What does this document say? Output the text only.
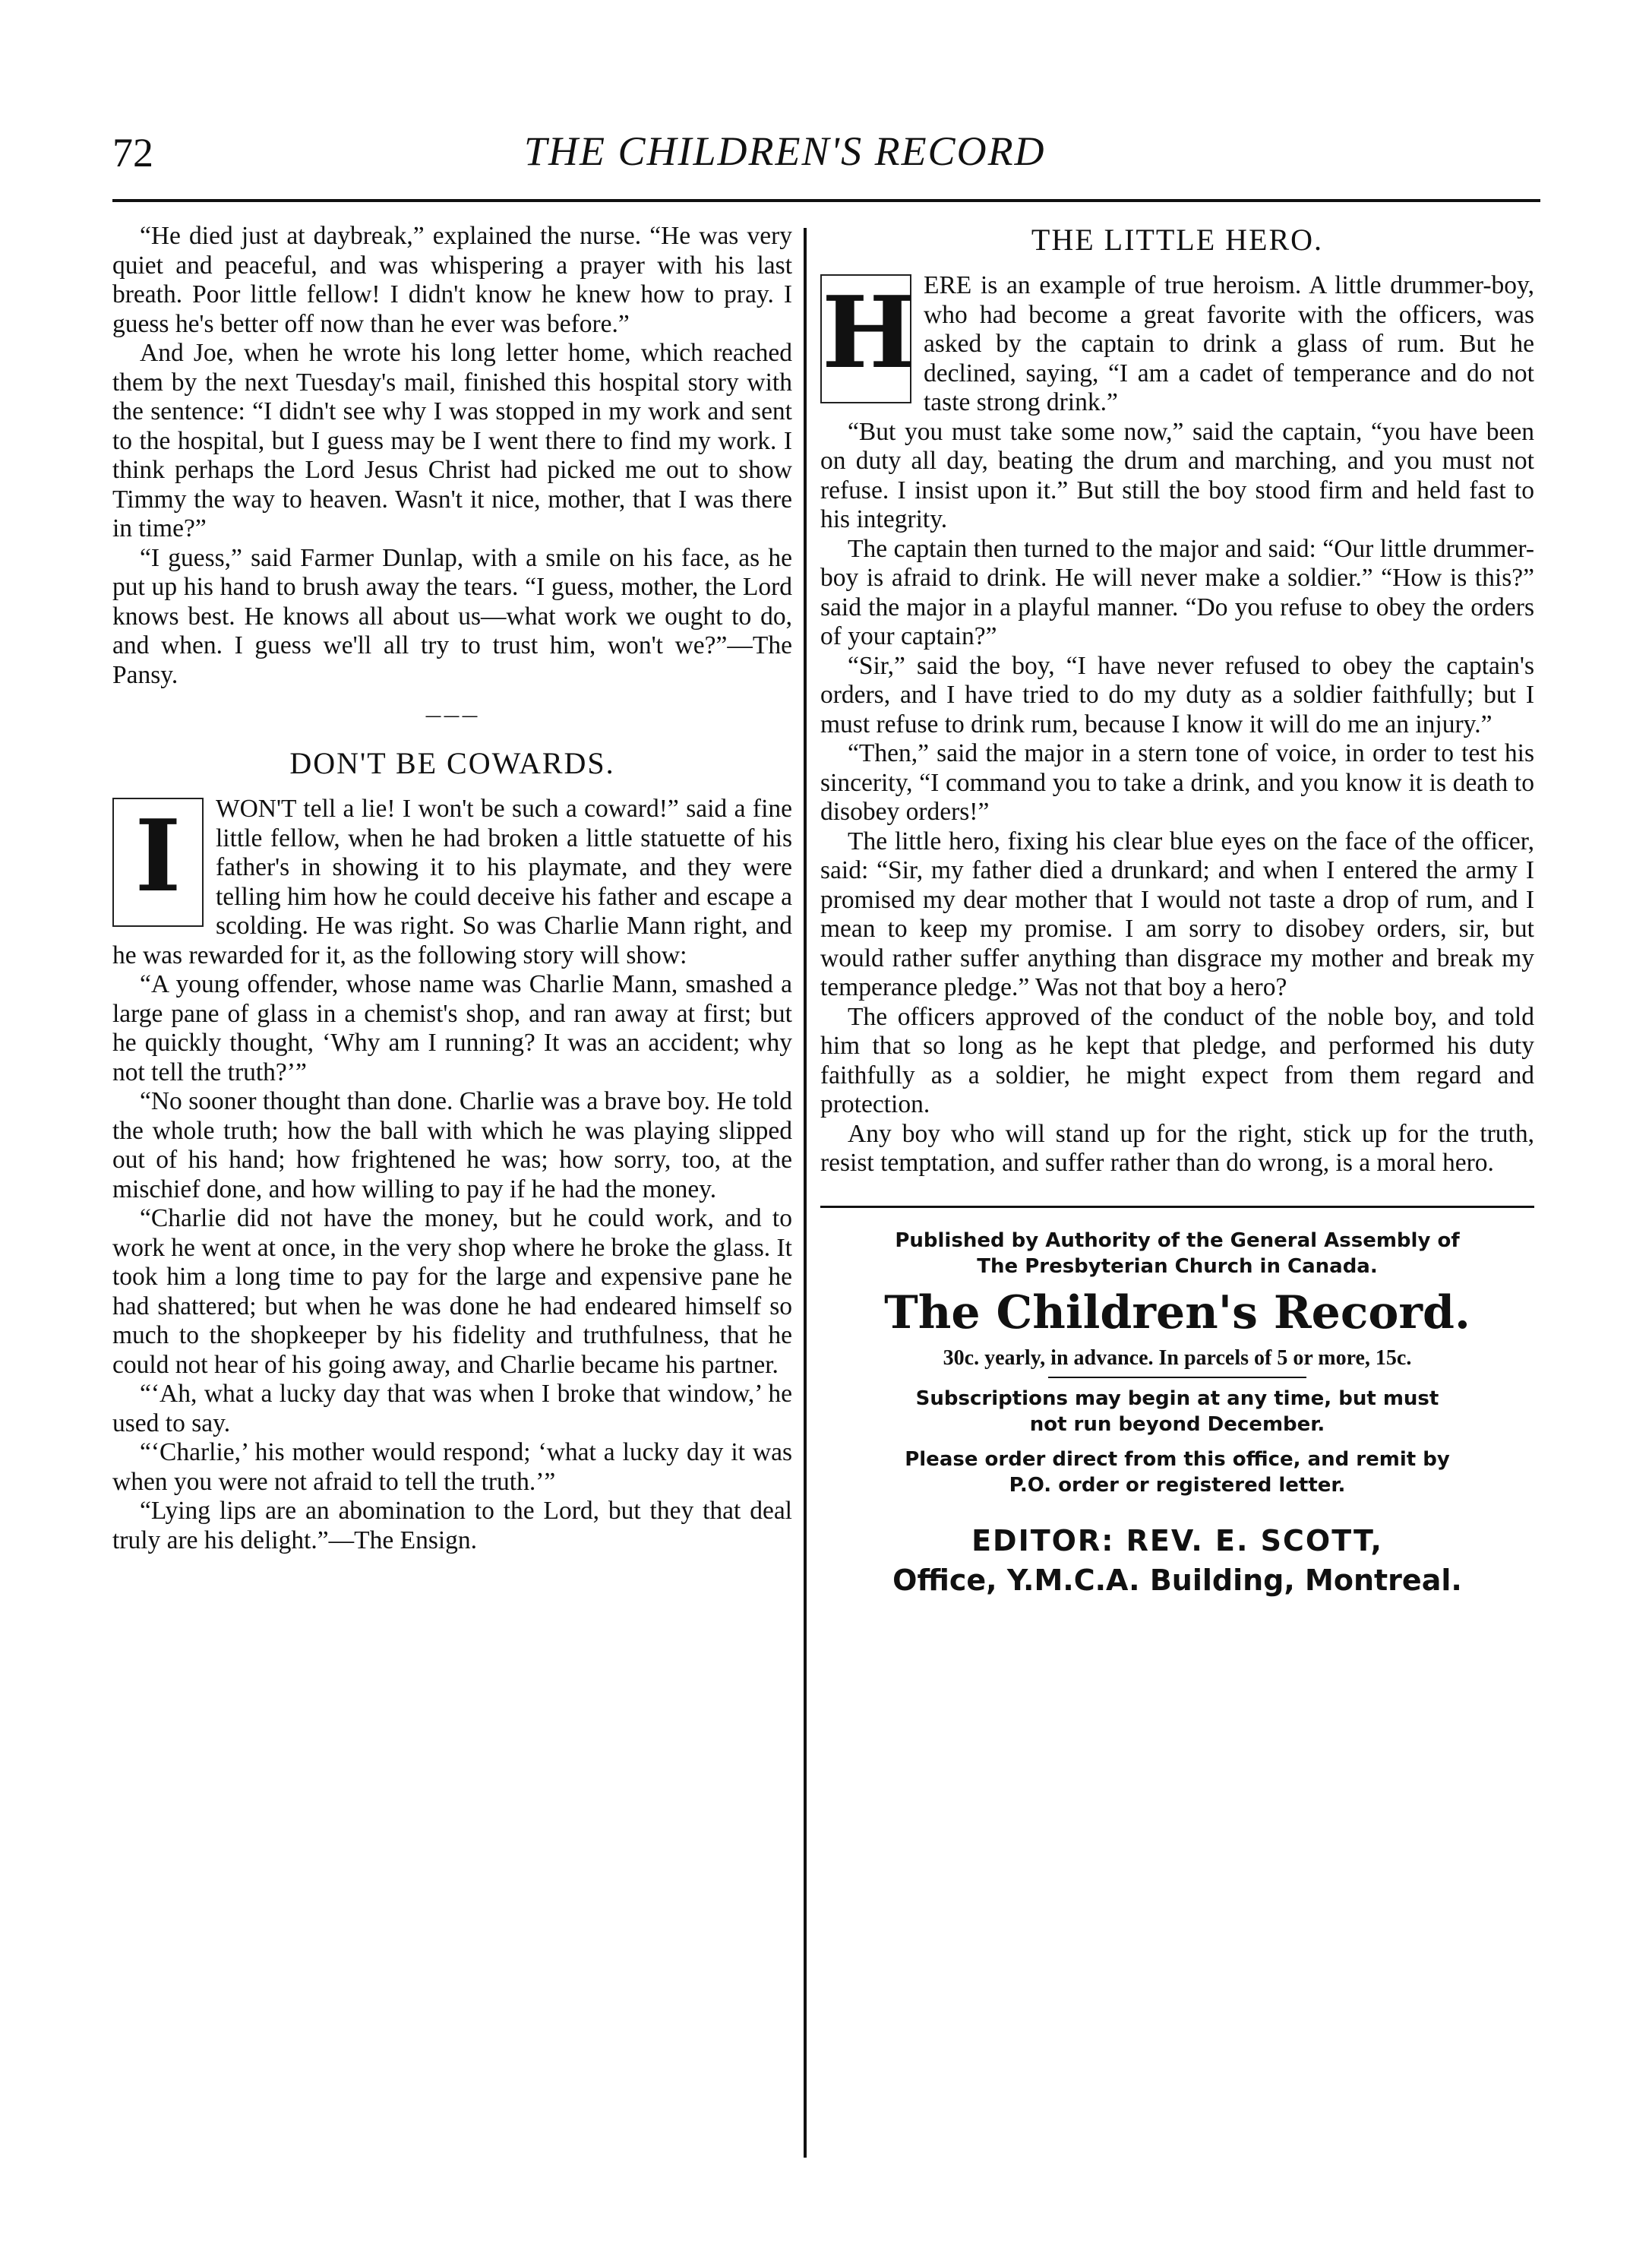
72	THE CHILDREN'S RECORD

“He died just at daybreak,” explained the nurse. “He was very quiet and peaceful, and was whispering a prayer with his last breath. Poor little fellow! I didn't know he knew how to pray. I guess he's better off now than he ever was before.”

And Joe, when he wrote his long letter home, which reached them by the next Tuesday's mail, finished this hospital story with the sentence: “I didn't see why I was stopped in my work and sent to the hospital, but I guess may be I went there to find my work. I think perhaps the Lord Jesus Christ had picked me out to show Timmy the way to heaven. Wasn't it nice, mother, that I was there in time?”

“I guess,” said Farmer Dunlap, with a smile on his face, as he put up his hand to brush away the tears. “I guess, mother, the Lord knows best. He knows all about us—what work we ought to do, and when. I guess we'll all try to trust him, won't we?”—The Pansy.

———
DON'T BE COWARDS.
I	WON'T tell a lie! I won't be such a coward!” said a fine little fellow, when he had broken a little statuette of his father's in showing it to his playmate, and they were telling him how he could deceive his father and escape a scolding. He was right. So was Charlie Mann right, and he was rewarded for it, as the following story will show:

“A young offender, whose name was Charlie Mann, smashed a large pane of glass in a chemist's shop, and ran away at first; but he quickly thought, ‘Why am I running? It was an accident; why not tell the truth?’”

“No sooner thought than done. Charlie was a brave boy. He told the whole truth; how the ball with which he was playing slipped out of his hand; how frightened he was; how sorry, too, at the mischief done, and how willing to pay if he had the money.

“Charlie did not have the money, but he could work, and to work he went at once, in the very shop where he broke the glass. It took him a long time to pay for the large and expensive pane he had shattered; but when he was done he had endeared himself so much to the shopkeeper by his fidelity and truthfulness, that he could not hear of his going away, and Charlie became his partner.

“‘Ah, what a lucky day that was when I broke that window,’ he used to say.

“‘Charlie,’ his mother would respond; ‘what a lucky day it was when you were not afraid to tell the truth.’”

“Lying lips are an abomination to the Lord, but they that deal truly are his delight.”—The Ensign.

THE LITTLE HERO.
H ERE is an example of true heroism. A little drummer-boy, who had become a great favorite with the officers, was asked by the captain to drink a glass of rum. But he declined, saying, “I am a cadet of temperance and do not taste strong drink.”

“But you must take some now,” said the captain, “you have been on duty all day, beating the drum and marching, and you must not refuse. I insist upon it.” But still the boy stood firm and held fast to his integrity.

The captain then turned to the major and said: “Our little drummer-boy is afraid to drink. He will never make a soldier.” “How is this?” said the major in a playful manner. “Do you refuse to obey the orders of your captain?”

“Sir,” said the boy, “I have never refused to obey the captain's orders, and I have tried to do my duty as a soldier faithfully; but I must refuse to drink rum, because I know it will do me an injury.”

“Then,” said the major in a stern tone of voice, in order to test his sincerity, “I command you to take a drink, and you know it is death to disobey orders!”

The little hero, fixing his clear blue eyes on the face of the officer, said: “Sir, my father died a drunkard; and when I entered the army I promised my dear mother that I would not taste a drop of rum, and I mean to keep my promise. I am sorry to disobey orders, sir, but would rather suffer anything than disgrace my mother and break my temperance pledge.” Was not that boy a hero?

The officers approved of the conduct of the noble boy, and told him that so long as he kept that pledge, and performed his duty faithfully as a soldier, he might expect from them regard and protection.

Any boy who will stand up for the right, stick up for the truth, resist temptation, and suffer rather than do wrong, is a moral hero.

Published by Authority of the General Assembly of
The Presbyterian Church in Canada.
The Children's Record.
30c. yearly, in advance. In parcels of 5 or more, 15c.
Subscriptions may begin at any time, but must
not run beyond December.
Please order direct from this office, and remit by
P.O. order or registered letter.
EDITOR: REV. E. SCOTT,
Office, Y.M.C.A. Building, Montreal.
